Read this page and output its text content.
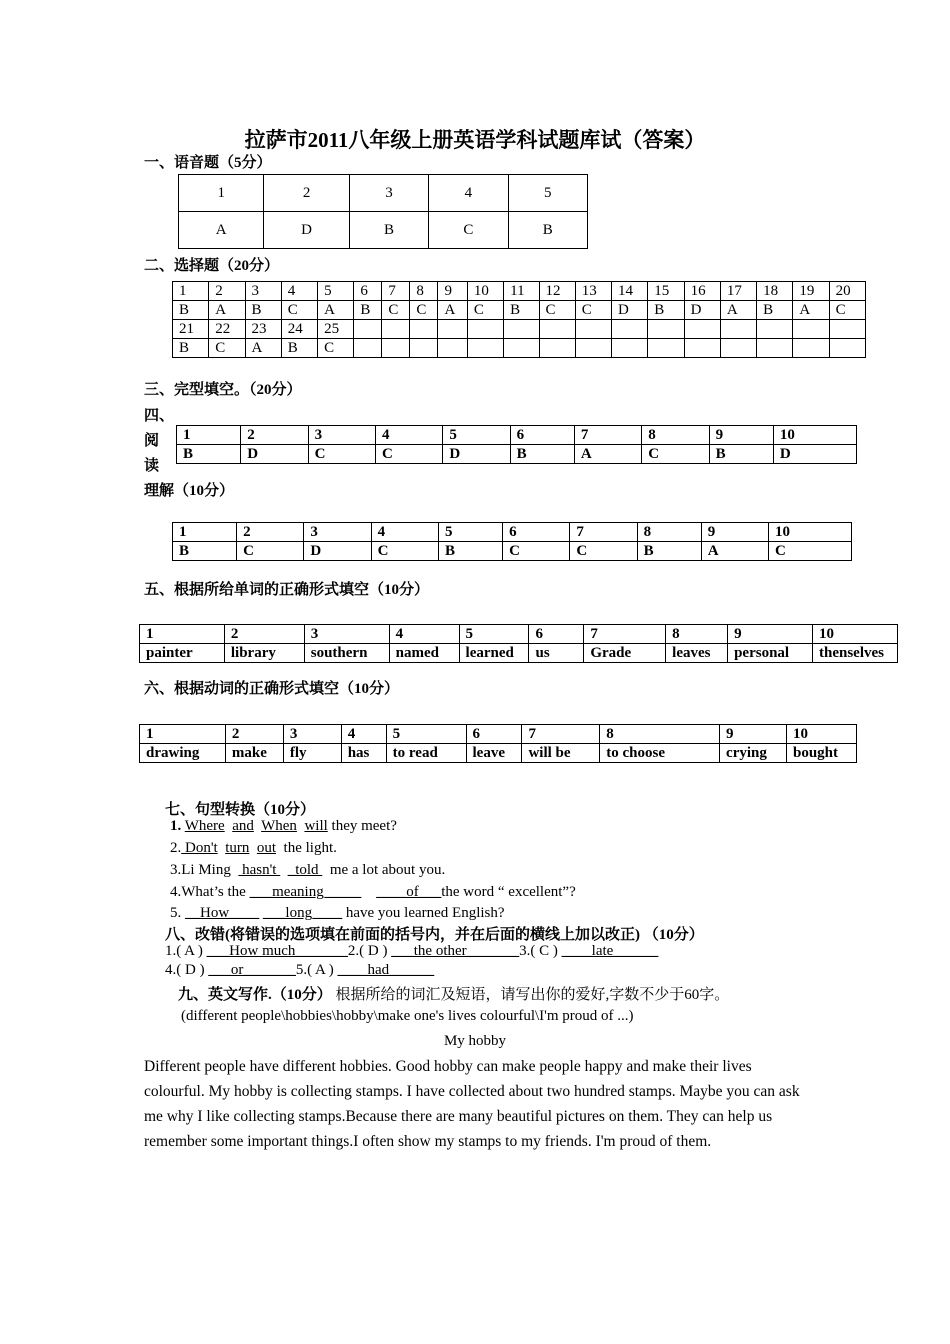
拉萨市2011八年级上册英语学科试题库试（答案）
一、语音题（5分）
1	2	3	4	5
A	D	B	C	B
二、选择题（20分）
1	2	3	4	5	6	7	8	9	10	11	12	13	14	15	16	17	18	19	20
B	A	B	C	A	B	C	C	A	C	B	C	C	D	B	D	A	B	A	C
21	22	23	24	25															
B	C	A	B	C															
三、完型填空。（20分）
四、
阅
读
理解（10分）
1	2	3	4	5	6	7	8	9	10
B	D	C	C	D	B	A	C	B	D
1	2	3	4	5	6	7	8	9	10
B	C	D	C	B	C	C	B	A	C
五、根据所给单词的正确形式填空（10分）
1	2	3	4	5	6	7	8	9	10
painter	library	southern	named	learned	us	Grade	leaves	personal	thenselves
六、根据动词的正确形式填空（10分）
1	2	3	4	5	6	7	8	9	10
drawing	make	fly	has	to read	leave	will be	to choose	crying	bought
七、句型转换（10分）
1. Where and When will they meet?
2. Don't turn out  the light.
3.Li Ming   hasn't   _told   me a lot about you.
4.What’s the ___meaning_____ ____of___the word “ excellent”?
5. __How____ ___long____ have you learned English?
八、改错(将错误的选项填在前面的括号内，并在后面的横线上加以改正) （10分）
1.( A ) ___How much_______2.( D ) ___the other_______3.( C ) ____late______
4.( D ) ___or_______5.( A ) ____had______
九、英文写作.（10分） 根据所给的词汇及短语，请写出你的爱好,字数不少于60字。
(different people\hobbies\hobby\make one's lives colourful\I'm proud of ...)
My hobby
Different people have different hobbies. Good hobby can make people happy and make their lives colourful. My hobby is collecting stamps. I have collected about two hundred stamps. Maybe you can ask me why I like collecting stamps.Because there are many beautiful pictures on them. They can help us remember some important things.I often show my stamps to my friends. I'm proud of them.
